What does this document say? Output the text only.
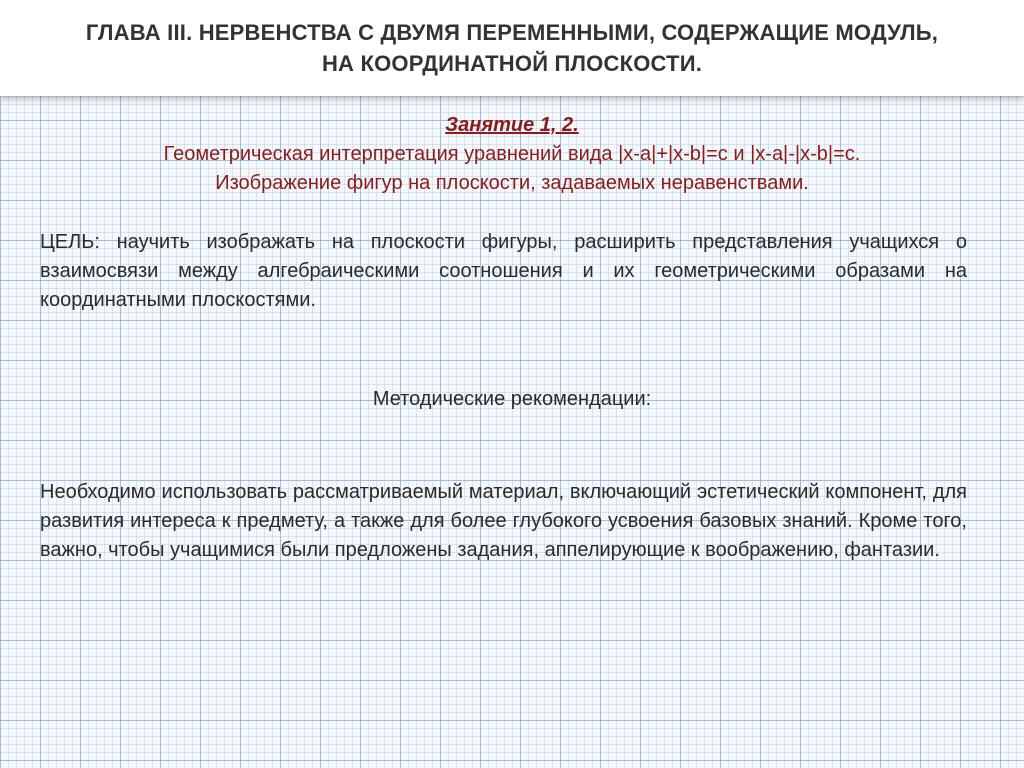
ГЛАВА III. НЕРВЕНСТВА С ДВУМЯ ПЕРЕМЕННЫМИ, СОДЕРЖАЩИЕ МОДУЛЬ,
НА КООРДИНАТНОЙ ПЛОСКОСТИ.
Занятие 1, 2.
Геометрическая интерпретация уравнений вида |x-a|+|x-b|=c и |x-a|-|x-b|=c.
Изображение фигур на плоскости, задаваемых неравенствами.

ЦЕЛЬ: научить изображать на плоскости фигуры, расширить представления учащихся о взаимосвязи между алгебраическими соотношения и их геометрическими образами на координатными плоскостями.

Методические рекомендации:

Необходимо использовать рассматриваемый материал, включающий эстетический компонент, для развития интереса к предмету, а также для более глубокого усвоения базовых знаний. Кроме того, важно, чтобы учащимися были предложены задания, аппелирующие к воображению, фантазии.
